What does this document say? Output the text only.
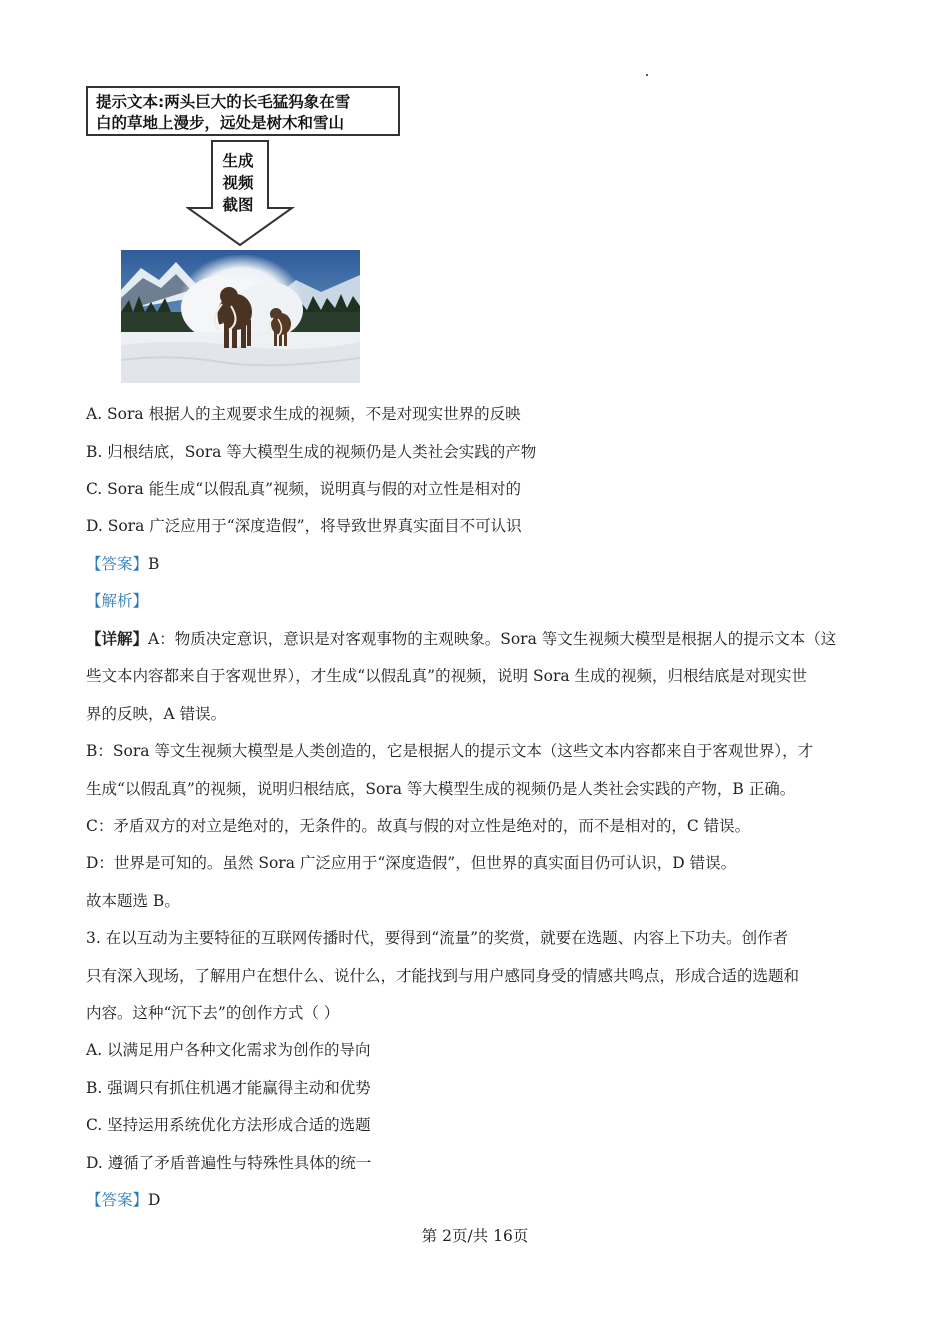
提示文本:两头巨大的长毛猛犸象在雪
白的草地上漫步，远处是树木和雪山
生成
视频
截图
A. Sora 根据人的主观要求生成的视频，不是对现实世界的反映
B. 归根结底，Sora 等大模型生成的视频仍是人类社会实践的产物
C. Sora 能生成“以假乱真”视频，说明真与假的对立性是相对的
D. Sora 广泛应用于“深度造假”，将导致世界真实面目不可认识
【答案】B
【解析】
【详解】A：物质决定意识，意识是对客观事物的主观映象。Sora 等文生视频大模型是根据人的提示文本（这
些文本内容都来自于客观世界），才生成“以假乱真”的视频，说明 Sora 生成的视频，归根结底是对现实世
界的反映，A 错误。
B：Sora 等文生视频大模型是人类创造的，它是根据人的提示文本（这些文本内容都来自于客观世界），才
生成“以假乱真”的视频，说明归根结底，Sora 等大模型生成的视频仍是人类社会实践的产物，B 正确。
C：矛盾双方的对立是绝对的，无条件的。故真与假的对立性是绝对的，而不是相对的，C 错误。
D：世界是可知的。虽然 Sora 广泛应用于“深度造假”，但世界的真实面目仍可认识，D 错误。
故本题选 B。
3. 在以互动为主要特征的互联网传播时代，要得到“流量”的奖赏，就要在选题、内容上下功夫。创作者
只有深入现场，了解用户在想什么、说什么，才能找到与用户感同身受的情感共鸣点，形成合适的选题和
内容。这种“沉下去”的创作方式（ ）
A. 以满足用户各种文化需求为创作的导向
B. 强调只有抓住机遇才能赢得主动和优势
C. 坚持运用系统优化方法形成合适的选题
D. 遵循了矛盾普遍性与特殊性具体的统一
【答案】D
第 2页/共 16页
